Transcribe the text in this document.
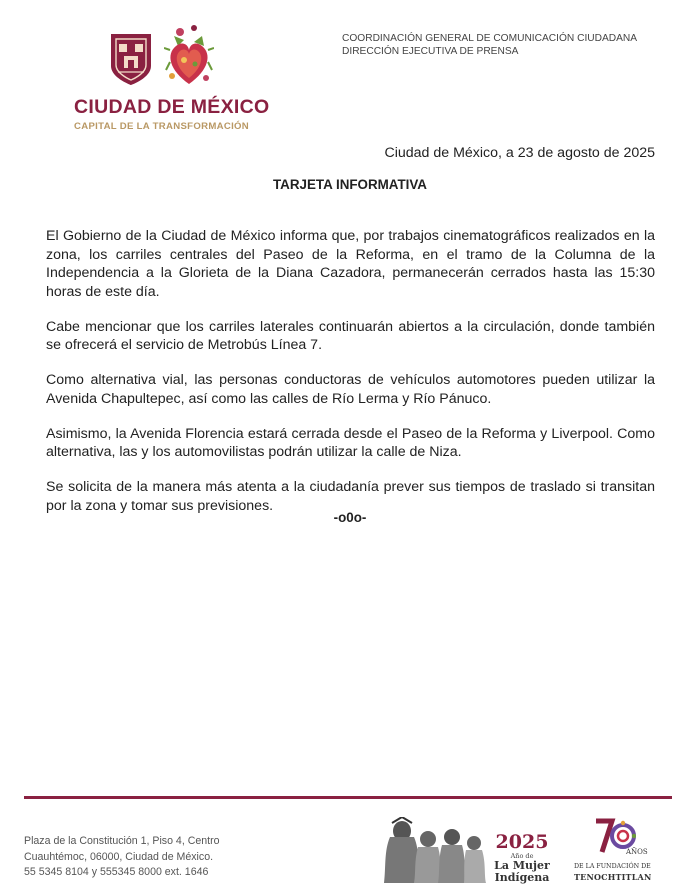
CIUDAD DE MÉXICO
CAPITAL DE LA TRANSFORMACIÓN
COORDINACIÓN GENERAL DE COMUNICACIÓN CIUDADANA
DIRECCIÓN EJECUTIVA DE PRENSA
Ciudad de México, a 23 de agosto de 2025
TARJETA INFORMATIVA

El Gobierno de la Ciudad de México informa que, por trabajos cinematográficos realizados en la zona, los carriles centrales del Paseo de la Reforma, en el tramo de la Columna de la Independencia a la Glorieta de la Diana Cazadora, permanecerán cerrados hasta las 15:30 horas de este día.

Cabe mencionar que los carriles laterales continuarán abiertos a la circulación, donde también se ofrecerá el servicio de Metrobús Línea 7.

Como alternativa vial, las personas conductoras de vehículos automotores pueden utilizar la Avenida Chapultepec, así como las calles de Río Lerma y Río Pánuco.

Asimismo, la Avenida Florencia estará cerrada desde el Paseo de la Reforma y Liverpool. Como alternativa, las y los automovilistas podrán utilizar la calle de Niza.

Se solicita de la manera más atenta a la ciudadanía prever sus tiempos de traslado si transitan por la zona y tomar sus previsiones.

-o0o-
Plaza de la Constitución 1, Piso 4, Centro
Cuauhtémoc, 06000, Ciudad de México.
55 5345 8104 y 555345 8000 ext. 1646
2025
Año de
La Mujer
Indígena
AÑOS
DE LA FUNDACIÓN DE
TENOCHTITLAN
